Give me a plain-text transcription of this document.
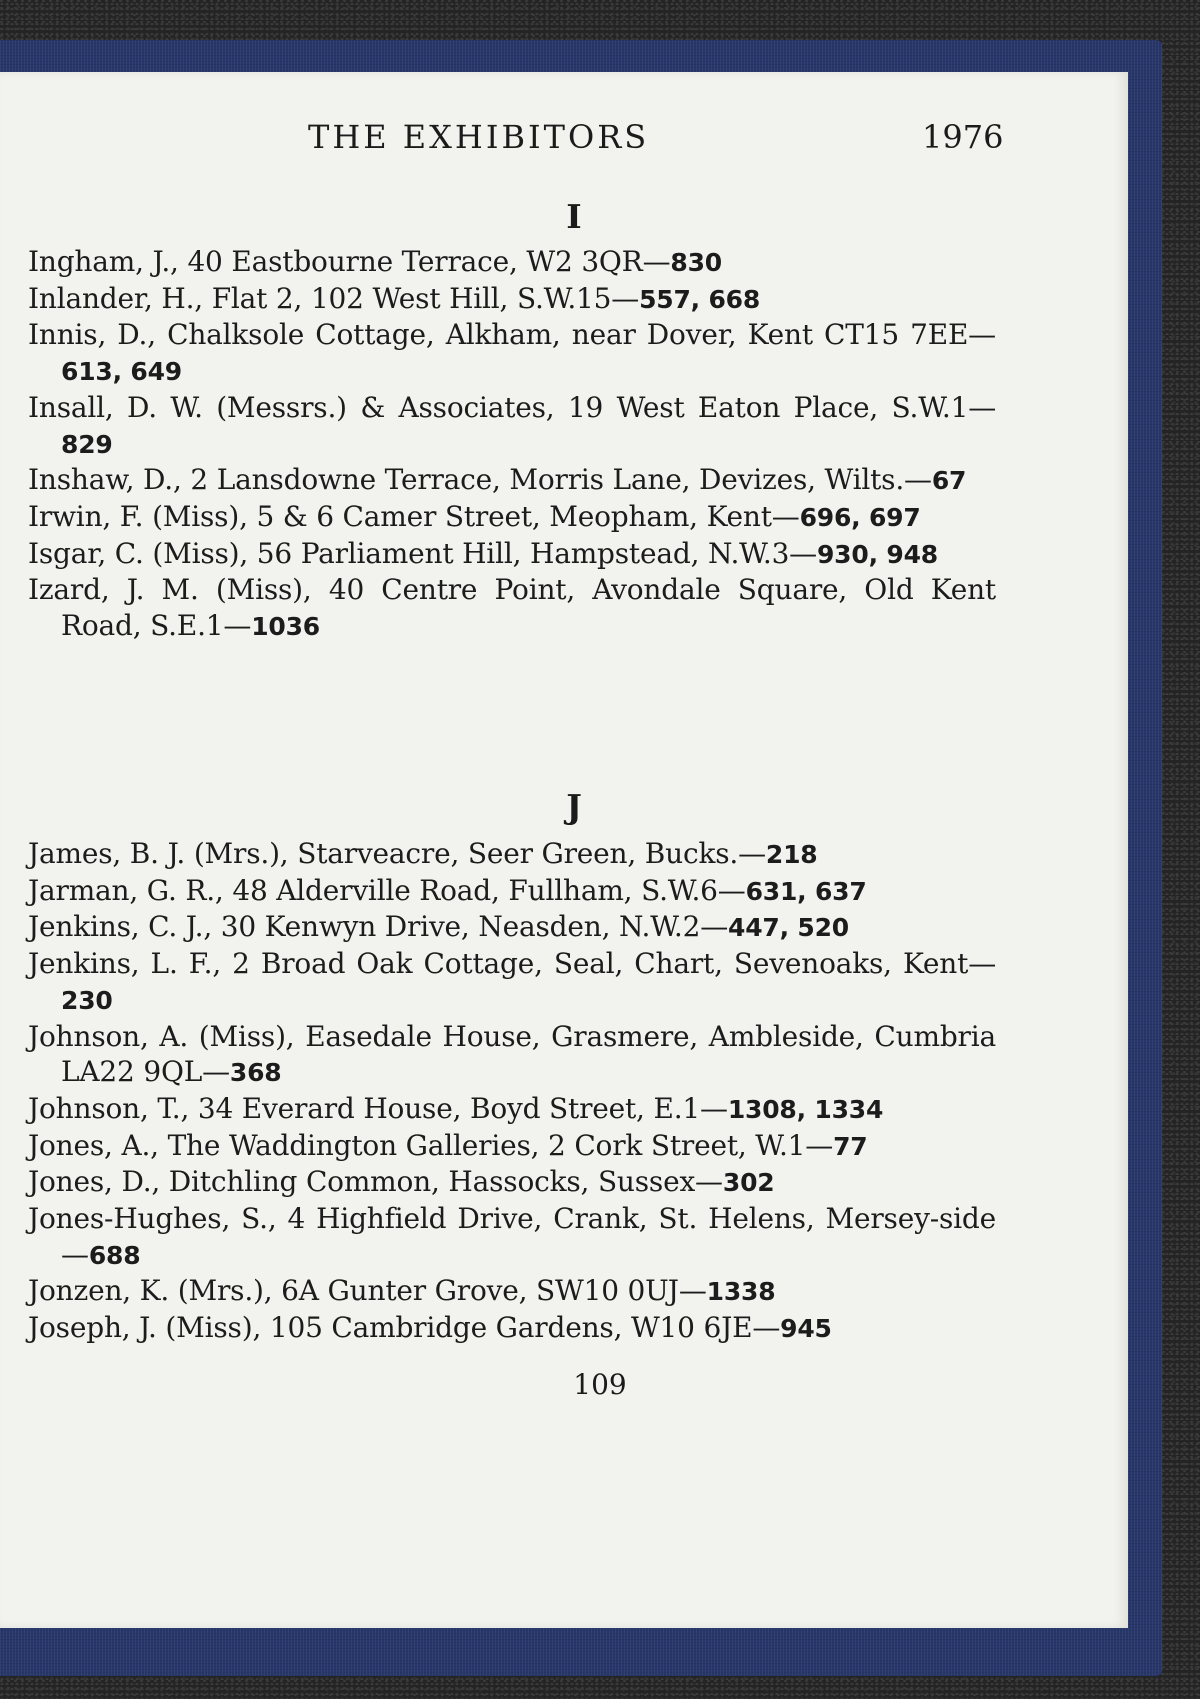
THE EXHIBITORS	1976
I
Ingham, J., 40 Eastbourne Terrace, W2 3QR—830
Inlander, H., Flat 2, 102 West Hill, S.W.15—557, 668
Innis, D., Chalksole Cottage, Alkham, near Dover, Kent CT15 7EE—613, 649
Insall, D. W. (Messrs.) & Associates, 19 West Eaton Place, S.W.1—829
Inshaw, D., 2 Lansdowne Terrace, Morris Lane, Devizes, Wilts.—67
Irwin, F. (Miss), 5 & 6 Camer Street, Meopham, Kent—696, 697
Isgar, C. (Miss), 56 Parliament Hill, Hampstead, N.W.3—930, 948
Izard, J. M. (Miss), 40 Centre Point, Avondale Square, Old Kent Road, S.E.1—1036
J
James, B. J. (Mrs.), Starveacre, Seer Green, Bucks.—218
Jarman, G. R., 48 Alderville Road, Fullham, S.W.6—631, 637
Jenkins, C. J., 30 Kenwyn Drive, Neasden, N.W.2—447, 520
Jenkins, L. F., 2 Broad Oak Cottage, Seal, Chart, Sevenoaks, Kent—230
Johnson, A. (Miss), Easedale House, Grasmere, Ambleside, Cumbria LA22 9QL—368
Johnson, T., 34 Everard House, Boyd Street, E.1—1308, 1334
Jones, A., The Waddington Galleries, 2 Cork Street, W.1—77
Jones, D., Ditchling Common, Hassocks, Sussex—302
Jones-Hughes, S., 4 Highfield Drive, Crank, St. Helens, Mersey-side—688
Jonzen, K. (Mrs.), 6A Gunter Grove, SW10 0UJ—1338
Joseph, J. (Miss), 105 Cambridge Gardens, W10 6JE—945
109
